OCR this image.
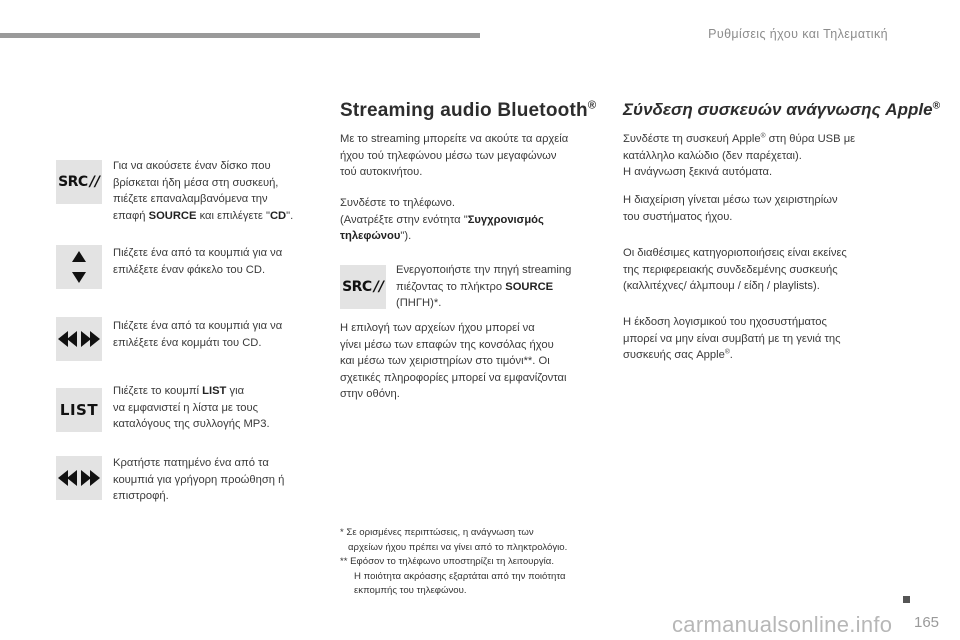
Ρυθμίσεις ήχου και Τηλεματική
SRC //
LIST
Για να ακούσετε έναν δίσκο που
βρίσκεται ήδη μέσα στη συσκευή,
πιέζετε επαναλαμβανόμενα την
επαφή SOURCE και επιλέγετε "CD".
Πιέζετε ένα από τα κουμπιά για να
επιλέξετε έναν φάκελο του CD.
Πιέζετε ένα από τα κουμπιά για να
επιλέξετε ένα κομμάτι του CD.
Πιέζετε το κουμπί LIST για
να εμφανιστεί η λίστα με τους
καταλόγους της συλλογής MP3.
Κρατήστε πατημένο ένα από τα
κουμπιά για γρήγορη προώθηση ή
επιστροφή.
Streaming audio Bluetooth®
Με το streaming μπορείτε να ακούτε τα αρχεία
ήχου τού τηλεφώνου μέσω των μεγαφώνων
τού αυτοκινήτου.
Συνδέστε το τηλέφωνο.
(Ανατρέξτε στην ενότητα "Συγχρονισμός
τηλεφώνου").
SRC //
Ενεργοποιήστε την πηγή streaming
πιέζοντας το πλήκτρο SOURCE
(ΠΗΓΗ)*.
Η επιλογή των αρχείων ήχου μπορεί να
γίνει μέσω των επαφών της κονσόλας ήχου
και μέσω των χειριστηρίων στο τιμόνι**. Οι
σχετικές πληροφορίες μπορεί να εμφανίζονται
στην οθόνη.
* Σε ορισμένες περιπτώσεις, η ανάγνωση των
αρχείων ήχου πρέπει να γίνει από το πληκτρολόγιο.
** Εφόσον το τηλέφωνο υποστηρίζει τη λειτουργία.
Η ποιότητα ακρόασης εξαρτάται από την ποιότητα
εκπομπής του τηλεφώνου.
Σύνδεση συσκευών ανάγνωσης Apple®
Συνδέστε τη συσκευή Apple® στη θύρα USB με
κατάλληλο καλώδιο (δεν παρέχεται).
Η ανάγνωση ξεκινά αυτόματα.
Η διαχείριση γίνεται μέσω των χειριστηρίων
του συστήματος ήχου.
Οι διαθέσιμες κατηγοριοποιήσεις είναι εκείνες
της περιφερειακής συνδεδεμένης συσκευής
(καλλιτέχνες/ άλμπουμ / είδη / playlists).
Η έκδοση λογισμικού του ηχοσυστήματος
μπορεί να μην είναι συμβατή με τη γενιά της
συσκευής σας Apple®.
carmanualsonline.info 165
